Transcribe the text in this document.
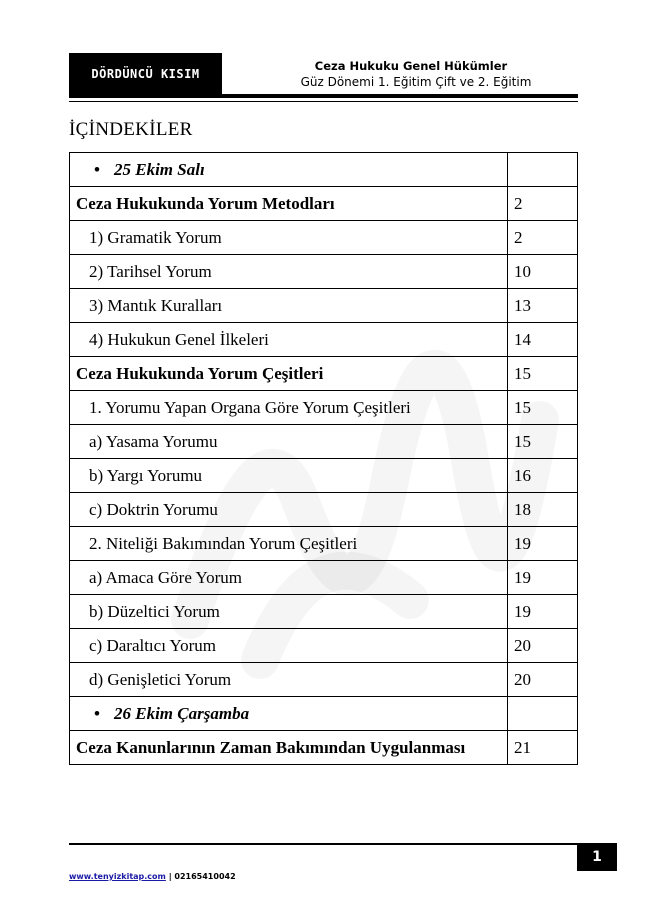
DÖRDÜNCÜ KISIM
Ceza Hukuku Genel Hükümler
Güz Dönemi 1. Eğitim Çift ve 2. Eğitim
İÇİNDEKİLER
• 25 Ekim Salı	
Ceza Hukukunda Yorum Metodları	2
1) Gramatik Yorum	2
2) Tarihsel Yorum	10
3) Mantık Kuralları	13
4) Hukukun Genel İlkeleri	14
Ceza Hukukunda Yorum Çeşitleri	15
1. Yorumu Yapan Organa Göre Yorum Çeşitleri	15
a) Yasama Yorumu	15
b) Yargı Yorumu	16
c) Doktrin Yorumu	18
2. Niteliği Bakımından Yorum Çeşitleri	19
a) Amaca Göre Yorum	19
b) Düzeltici Yorum	19
c) Daraltıcı Yorum	20
d) Genişletici Yorum	20
• 26 Ekim Çarşamba	
Ceza Kanunlarının Zaman Bakımından Uygulanması	21
1
www.tenyizkitap.com | 02165410042
